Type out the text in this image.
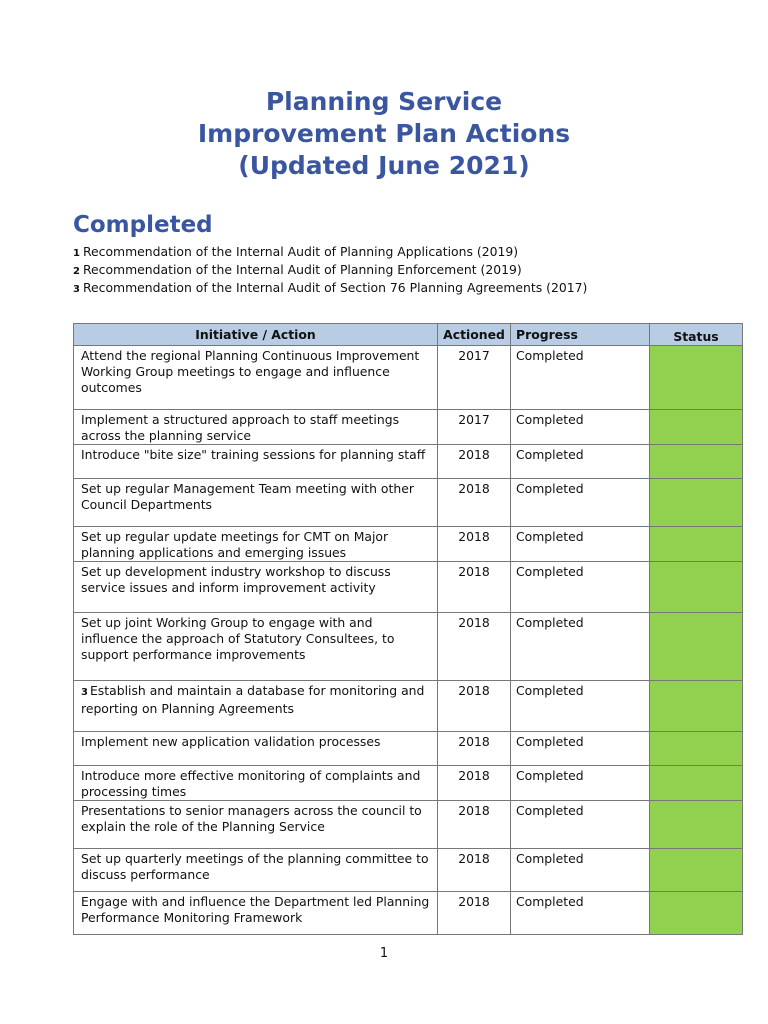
Planning Service
Improvement Plan Actions
(Updated June 2021)
Completed
1 Recommendation of the Internal Audit of Planning Applications (2019)
2 Recommendation of the Internal Audit of Planning Enforcement (2019)
3 Recommendation of the Internal Audit of Section 76 Planning Agreements (2017)
Initiative / Action	Actioned	Progress	Status
Attend the regional Planning Continuous Improvement Working Group meetings to engage and influence outcomes	2017	Completed	
Implement a structured approach to staff meetings across the planning service	2017	Completed	
Introduce "bite size" training sessions for planning staff	2018	Completed	
Set up regular Management Team meeting with other Council Departments	2018	Completed	
Set up regular update meetings for CMT on Major planning applications and emerging issues	2018	Completed	
Set up development industry workshop to discuss service issues and inform improvement activity	2018	Completed	
Set up joint Working Group to engage with and influence the approach of Statutory Consultees, to support performance improvements	2018	Completed	
3 Establish and maintain a database for monitoring and reporting on Planning Agreements	2018	Completed	
Implement new application validation processes	2018	Completed	
Introduce more effective monitoring of complaints and processing times	2018	Completed	
Presentations to senior managers across the council to explain the role of the Planning Service	2018	Completed	
Set up quarterly meetings of the planning committee to discuss performance	2018	Completed	
Engage with and influence the Department led Planning Performance Monitoring Framework	2018	Completed	
1
